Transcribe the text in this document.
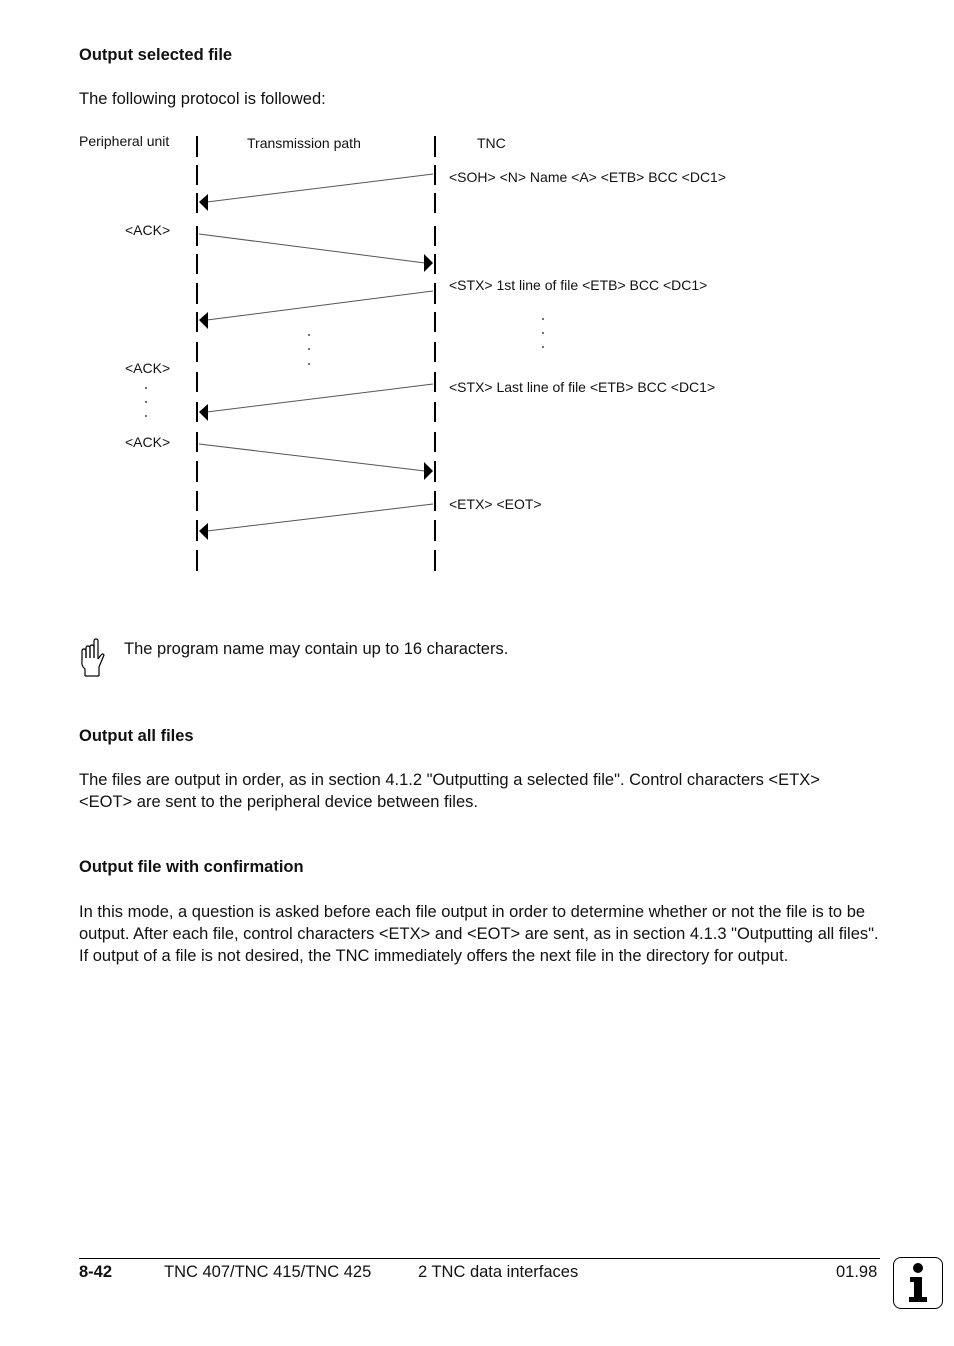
Output selected file
The following protocol is followed:
Peripheral unit	Transmission path	TNC
<SOH> <N> Name <A> <ETB> BCC <DC1>
<STX> 1st line of file <ETB> BCC <DC1>
<STX> Last line of file <ETB> BCC <DC1>
<ETX> <EOT>
<ACK>
<ACK>
<ACK>
The program name may contain up to 16 characters.
Output all files
The files are output in order, as in section 4.1.2 "Outputting a selected file". Control characters <ETX><EOT> are sent to the peripheral device between files.
Output file with confirmation
In this mode, a question is asked before each file output in order to determine whether or not the file is to be output. After each file, control characters <ETX> and <EOT> are sent, as in section 4.1.3 "Outputting all files". If output of a file is not desired, the TNC immediately offers the next file in the directory for output.
8-42	TNC 407/TNC 415/TNC 425	2 TNC data interfaces	01.98
